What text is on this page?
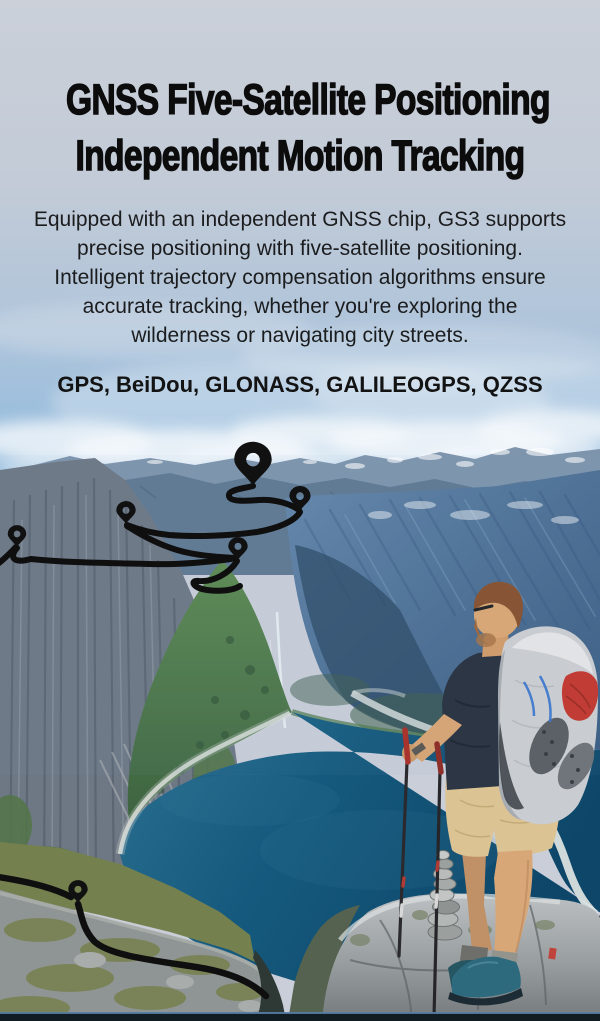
GNSS Five-Satellite Positioning
Independent Motion Tracking
Equipped with an independent GNSS chip, GS3 supports
precise positioning with five-satellite positioning.
Intelligent trajectory compensation algorithms ensure
accurate tracking, whether you're exploring the
wilderness or navigating city streets.
GPS, BeiDou, GLONASS, GALILEOGPS, QZSS
